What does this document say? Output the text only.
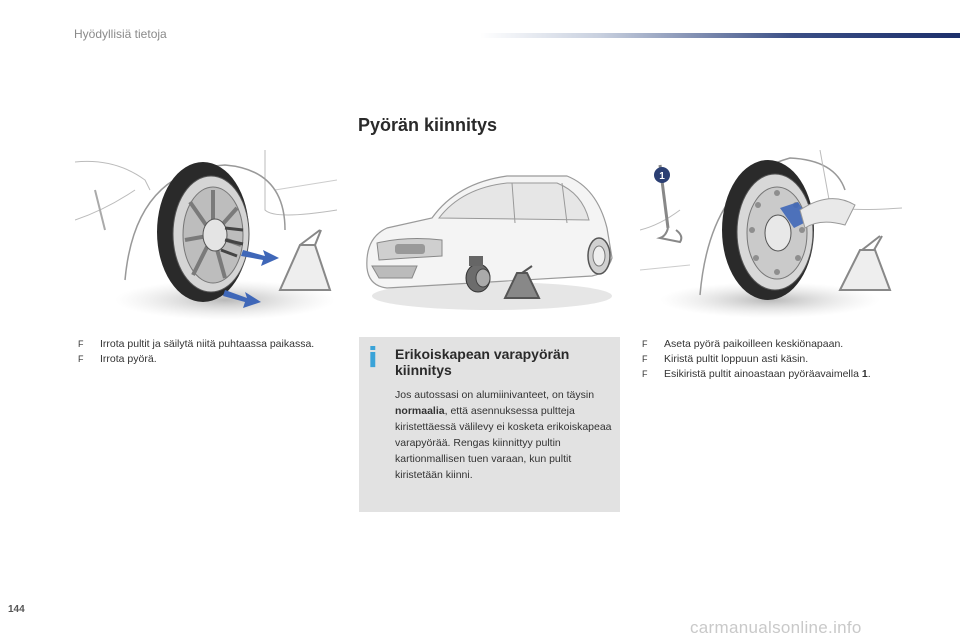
Hyödyllisiä tietoja
Pyörän kiinnitys
1
F Irrota pultit ja säilytä niitä puhtaassa paikassa.
F Irrota pyörä.	i Erikoiskapean varapyörän kiinnitys

Jos autossasi on alumiinivanteet, on täysin normaalia, että asennuksessa pultteja kiristettäessä välilevy ei kosketa erikoiskapeaa varapyörää. Rengas kiinnittyy pultin kartionmallisen tuen varaan, kun pultit kiristetään kiinni.

F Aseta pyörä paikoilleen keskiönapaan.
F Kiristä pultit loppuun asti käsin.
F Esikiristä pultit ainoastaan pyöräavaimella 1.
144
carmanualsonline.info
